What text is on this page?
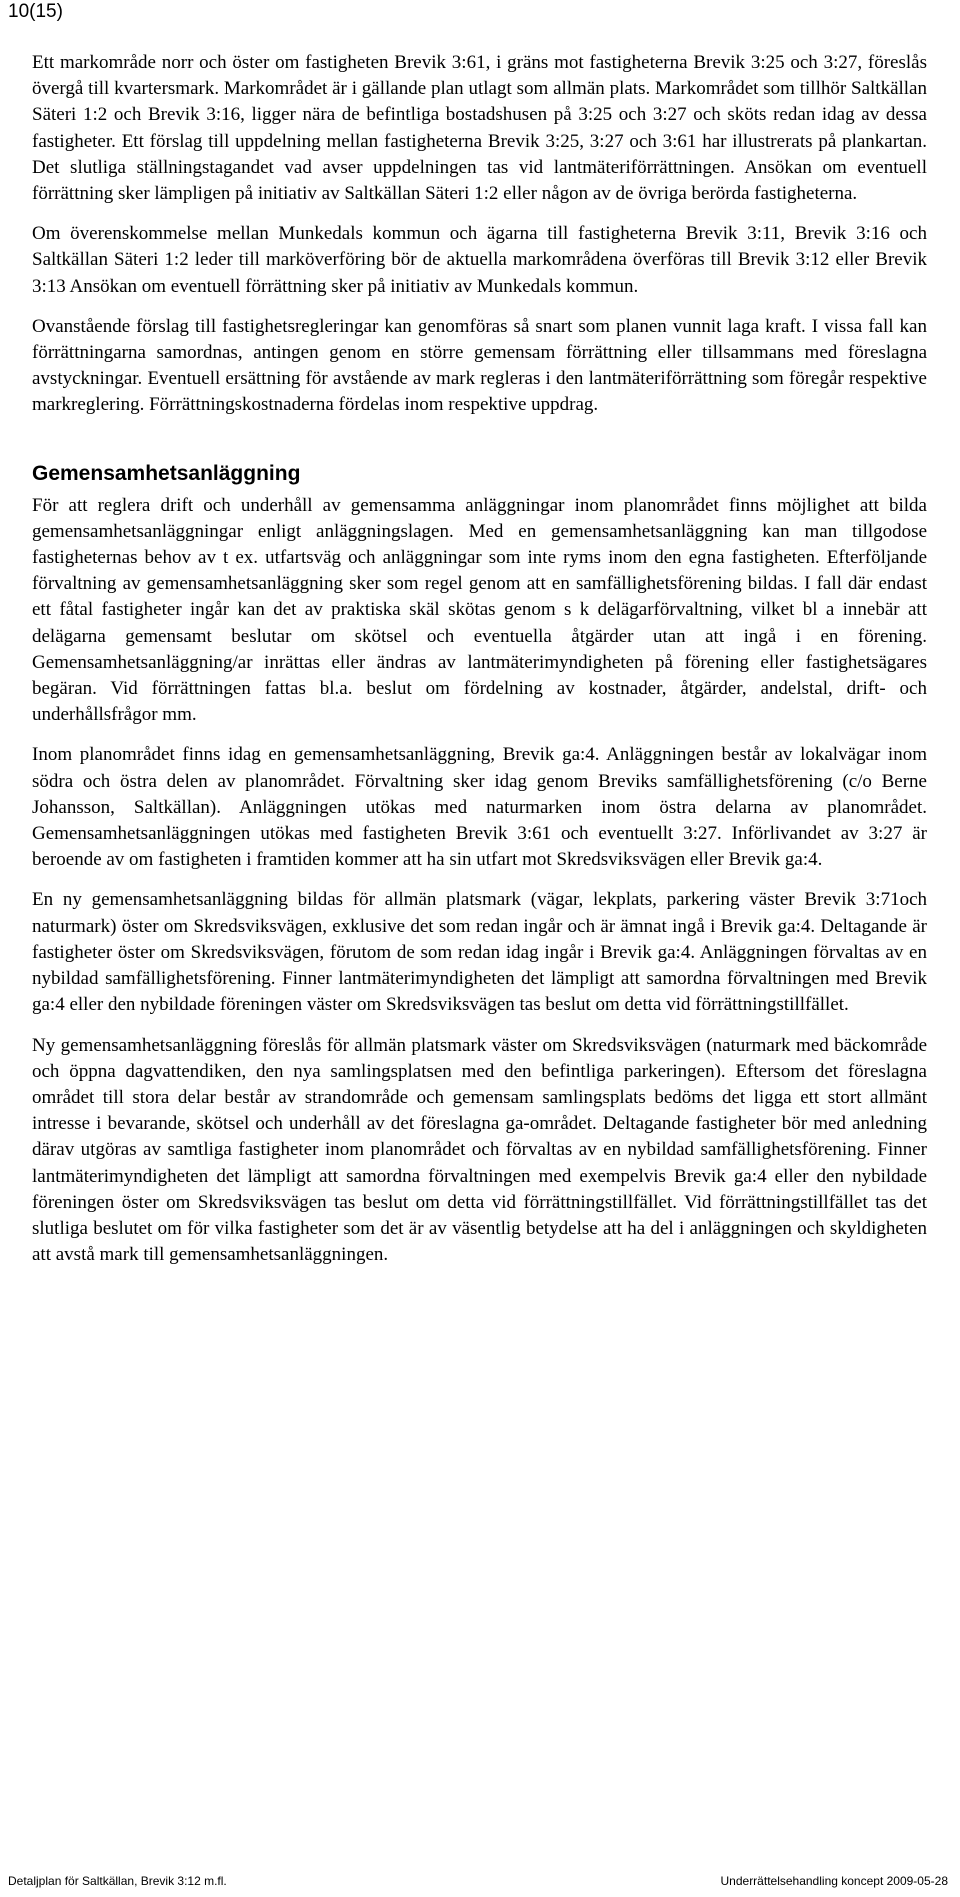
10(15)

Ett markområde norr och öster om fastigheten Brevik 3:61, i gräns mot fastigheterna Brevik 3:25 och 3:27, föreslås övergå till kvartersmark. Markområdet är i gällande plan utlagt som allmän plats. Markområdet som tillhör Saltkällan Säteri 1:2 och Brevik 3:16, ligger nära de befintliga bostadshusen på 3:25 och 3:27 och sköts redan idag av dessa fastigheter. Ett förslag till uppdelning mellan fastigheterna Brevik 3:25, 3:27 och 3:61 har illustrerats på plankartan. Det slutliga ställningstagandet vad avser uppdelningen tas vid lantmäteriförrättningen. Ansökan om eventuell förrättning sker lämpligen på initiativ av Saltkällan Säteri 1:2 eller någon av de övriga berörda fastigheterna.

Om överenskommelse mellan Munkedals kommun och ägarna till fastigheterna Brevik 3:11, Brevik 3:16 och Saltkällan Säteri 1:2 leder till marköverföring bör de aktuella markområdena överföras till Brevik 3:12 eller Brevik 3:13 Ansökan om eventuell förrättning sker på initiativ av Munkedals kommun.

Ovanstående förslag till fastighetsregleringar kan genomföras så snart som planen vunnit laga kraft. I vissa fall kan förrättningarna samordnas, antingen genom en större gemensam förrättning eller tillsammans med föreslagna avstyckningar. Eventuell ersättning för avstående av mark regleras i den lantmäteriförrättning som föregår respektive markreglering. Förrättningskostnaderna fördelas inom respektive uppdrag.

Gemensamhetsanläggning

För att reglera drift och underhåll av gemensamma anläggningar inom planområdet finns möjlighet att bilda gemensamhetsanläggningar enligt anläggningslagen. Med en gemensamhetsanläggning kan man tillgodose fastigheternas behov av t ex. utfartsväg och anläggningar som inte ryms inom den egna fastigheten. Efterföljande förvaltning av gemensamhetsanläggning sker som regel genom att en samfällighetsförening bildas. I fall där endast ett fåtal fastigheter ingår kan det av praktiska skäl skötas genom s k delägarförvaltning, vilket bl a innebär att delägarna gemensamt beslutar om skötsel och eventuella åtgärder utan att ingå i en förening. Gemensamhetsanläggning/ar inrättas eller ändras av lantmäterimyndigheten på förening eller fastighetsägares begäran. Vid förrättningen fattas bl.a. beslut om fördelning av kostnader, åtgärder, andelstal, drift- och underhållsfrågor mm.

Inom planområdet finns idag en gemensamhetsanläggning, Brevik ga:4. Anläggningen består av lokalvägar inom södra och östra delen av planområdet. Förvaltning sker idag genom Breviks samfällighetsförening (c/o Berne Johansson, Saltkällan). Anläggningen utökas med naturmarken inom östra delarna av planområdet. Gemensamhetsanläggningen utökas med fastigheten Brevik 3:61 och eventuellt 3:27. Införlivandet av 3:27 är beroende av om fastigheten i framtiden kommer att ha sin utfart mot Skredsviksvägen eller Brevik ga:4.

En ny gemensamhetsanläggning bildas för allmän platsmark (vägar, lekplats, parkering väster Brevik 3:71och naturmark) öster om Skredsviksvägen, exklusive det som redan ingår och är ämnat ingå i Brevik ga:4. Deltagande är fastigheter öster om Skredsviksvägen, förutom de som redan idag ingår i Brevik ga:4. Anläggningen förvaltas av en nybildad samfällighetsförening. Finner lantmäterimyndigheten det lämpligt att samordna förvaltningen med Brevik ga:4 eller den nybildade föreningen väster om Skredsviksvägen tas beslut om detta vid förrättningstillfället.

Ny gemensamhetsanläggning föreslås för allmän platsmark väster om Skredsviksvägen (naturmark med bäckområde och öppna dagvattendiken, den nya samlingsplatsen med den befintliga parkeringen). Eftersom det föreslagna området till stora delar består av strandområde och gemensam samlingsplats bedöms det ligga ett stort allmänt intresse i bevarande, skötsel och underhåll av det föreslagna ga-området. Deltagande fastigheter bör med anledning därav utgöras av samtliga fastigheter inom planområdet och förvaltas av en nybildad samfällighetsförening. Finner lantmäterimyndigheten det lämpligt att samordna förvaltningen med exempelvis Brevik ga:4 eller den nybildade föreningen öster om Skredsviksvägen tas beslut om detta vid förrättningstillfället. Vid förrättningstillfället tas det slutliga beslutet om för vilka fastigheter som det är av väsentlig betydelse att ha del i anläggningen och skyldigheten att avstå mark till gemensamhetsanläggningen.

Detaljplan för Saltkällan, Brevik 3:12 m.fl.	Underrättelsehandling koncept 2009-05-28
